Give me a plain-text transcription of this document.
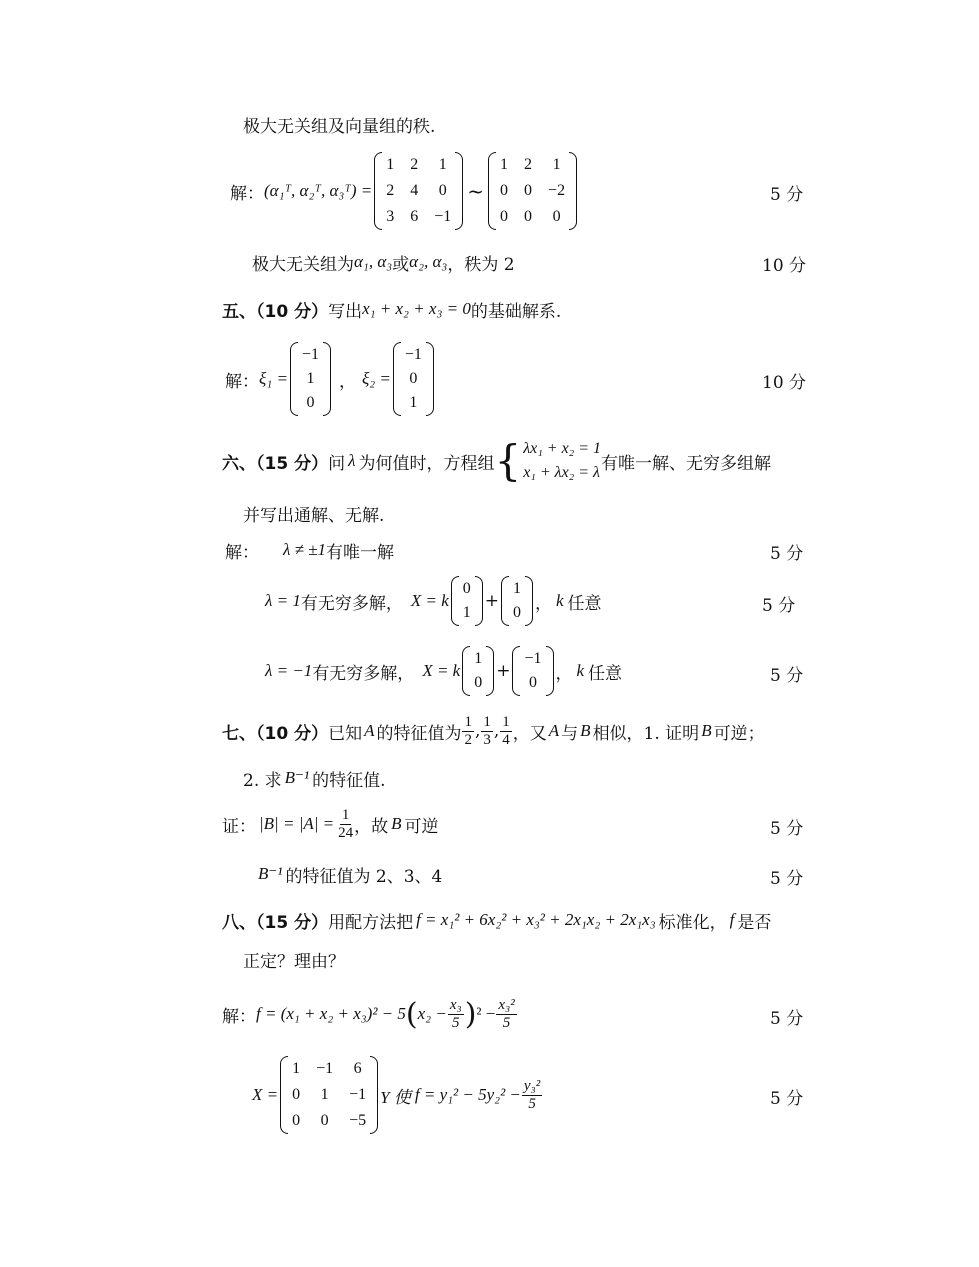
极大无关组及向量组的秩.
解： (α₁ᵀ, α₂ᵀ, α₃ᵀ) =
1 2 1
2 4 0
3 6 −1
~
1 2 1
0 0 −2
0 0 0
5 分
极大无关组为 α₁, α₃ 或 α₂, α₃ ，秩为 2	10 分
五、（10 分） 写出 x₁ + x₂ + x₃ = 0 的基础解系.
解： ξ₁ =
−1
1
0
， ξ₂ =
−1
0
1
10 分
六、（15 分） 问 λ 为何值时，方程组 { λx₁ + x₂ = 1
x₁ + λx₂ = λ 有唯一解、无穷多组解
并写出通解、无解.
解： λ ≠ ±1 有唯一解	5 分
λ = 1 有无穷多解， X = k
0
1
+
1
0 ， k 任意	5 分
λ = −1 有无穷多解， X = k
1
0
+
−1
0 ， k 任意	5 分
七、（10 分） 已知 A 的特征值为 $\frac{1}{2}$ , $\frac{1}{3}$ , $\frac{1}{4}$ ，又 A 与 B 相似，1. 证明 B 可逆；
2. 求 B⁻¹ 的特征值.
证： $|B| = |A| = \frac{1}{24}$ ，故 B 可逆	5 分
B⁻¹ 的特征值为 2、3、4	5 分
八、（15 分） 用配方法把 f = x₁² + 6x₂² + x₃² + 2x₁x₂ + 2x₁x₃ 标准化， f 是否
正定？理由？
解： f = (x₁ + x₂ + x₃)² − 5 ( $x_2 - \frac{\text{x₃}}{5}$ ) $^2 - \frac{\text{x₃²}}{5}$	5 分
X =
1 −1 6
0 1 −1
0 0 −5
Y 使 $f = y_1^2 - 5y_2^2 - \frac{\text{y₃²}}{5}$	5 分
